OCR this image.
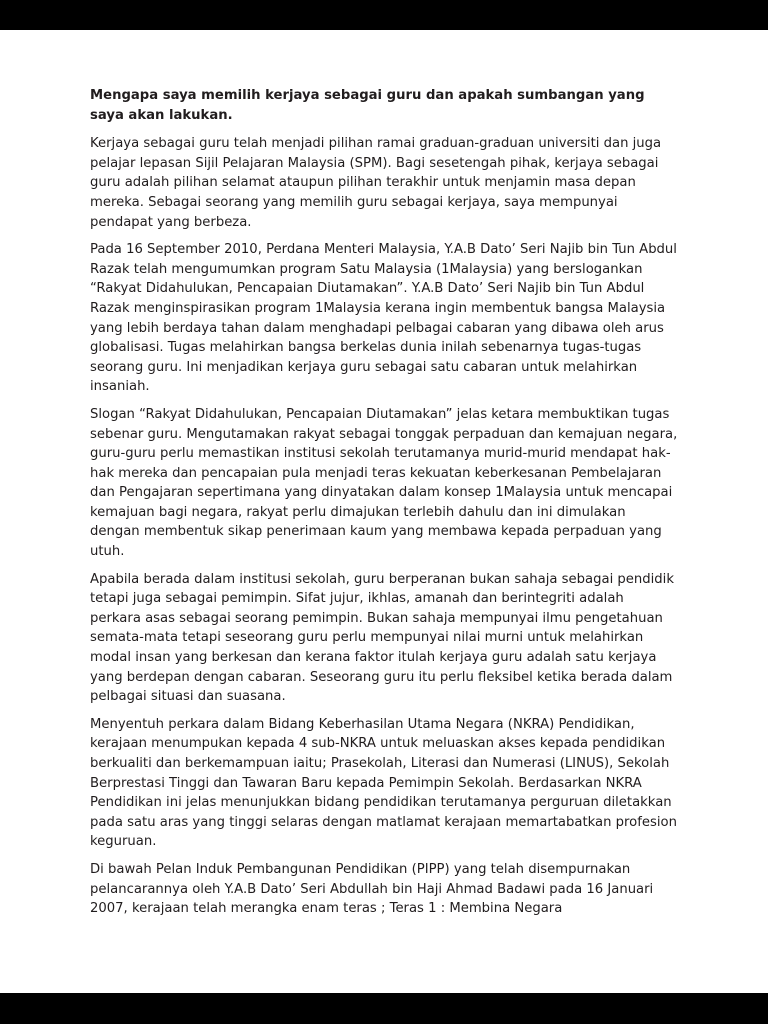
Mengapa saya memilih kerjaya sebagai guru dan apakah sumbangan yang saya akan lakukan.

Kerjaya sebagai guru telah menjadi pilihan ramai graduan-graduan universiti dan juga pelajar lepasan Sijil Pelajaran Malaysia (SPM). Bagi sesetengah pihak, kerjaya sebagai guru adalah pilihan selamat ataupun pilihan terakhir untuk menjamin masa depan mereka. Sebagai seorang yang memilih guru sebagai kerjaya, saya mempunyai pendapat yang berbeza.

Pada 16 September 2010, Perdana Menteri Malaysia, Y.A.B Dato’ Seri Najib bin Tun Abdul Razak telah mengumumkan program Satu Malaysia (1Malaysia) yang berslogankan “Rakyat Didahulukan, Pencapaian Diutamakan”. Y.A.B Dato’ Seri Najib bin Tun Abdul Razak menginspirasikan program 1Malaysia kerana ingin membentuk bangsa Malaysia yang lebih berdaya tahan dalam menghadapi pelbagai cabaran yang dibawa oleh arus globalisasi. Tugas melahirkan bangsa berkelas dunia inilah sebenarnya tugas-tugas seorang guru. Ini menjadikan kerjaya guru sebagai satu cabaran untuk melahirkan insaniah.

Slogan “Rakyat Didahulukan, Pencapaian Diutamakan” jelas ketara membuktikan tugas sebenar guru. Mengutamakan rakyat sebagai tonggak perpaduan dan kemajuan negara, guru-guru perlu memastikan institusi sekolah terutamanya murid-murid mendapat hak-hak mereka dan pencapaian pula menjadi teras kekuatan keberkesanan Pembelajaran dan Pengajaran sepertimana yang dinyatakan dalam konsep 1Malaysia untuk mencapai kemajuan bagi negara, rakyat perlu dimajukan terlebih dahulu dan ini dimulakan dengan membentuk sikap penerimaan kaum yang membawa kepada perpaduan yang utuh.

Apabila berada dalam institusi sekolah, guru berperanan bukan sahaja sebagai pendidik tetapi juga sebagai pemimpin. Sifat jujur, ikhlas, amanah dan berintegriti adalah perkara asas sebagai seorang pemimpin. Bukan sahaja mempunyai ilmu pengetahuan semata-mata tetapi seseorang guru perlu mempunyai nilai murni untuk melahirkan modal insan yang berkesan dan kerana faktor itulah kerjaya guru adalah satu kerjaya yang berdepan dengan cabaran. Seseorang guru itu perlu fleksibel ketika berada dalam pelbagai situasi dan suasana.

Menyentuh perkara dalam Bidang Keberhasilan Utama Negara (NKRA) Pendidikan, kerajaan menumpukan kepada 4 sub-NKRA untuk meluaskan akses kepada pendidikan berkualiti dan berkemampuan iaitu; Prasekolah, Literasi dan Numerasi (LINUS), Sekolah Berprestasi Tinggi dan Tawaran Baru kepada Pemimpin Sekolah. Berdasarkan NKRA Pendidikan ini jelas menunjukkan bidang pendidikan terutamanya perguruan diletakkan pada satu aras yang tinggi selaras dengan matlamat kerajaan memartabatkan profesion keguruan.

Di bawah Pelan Induk Pembangunan Pendidikan (PIPP) yang telah disempurnakan pelancarannya oleh Y.A.B Dato’ Seri Abdullah bin Haji Ahmad Badawi pada 16 Januari 2007, kerajaan telah merangka enam teras ; Teras 1 : Membina Negara
